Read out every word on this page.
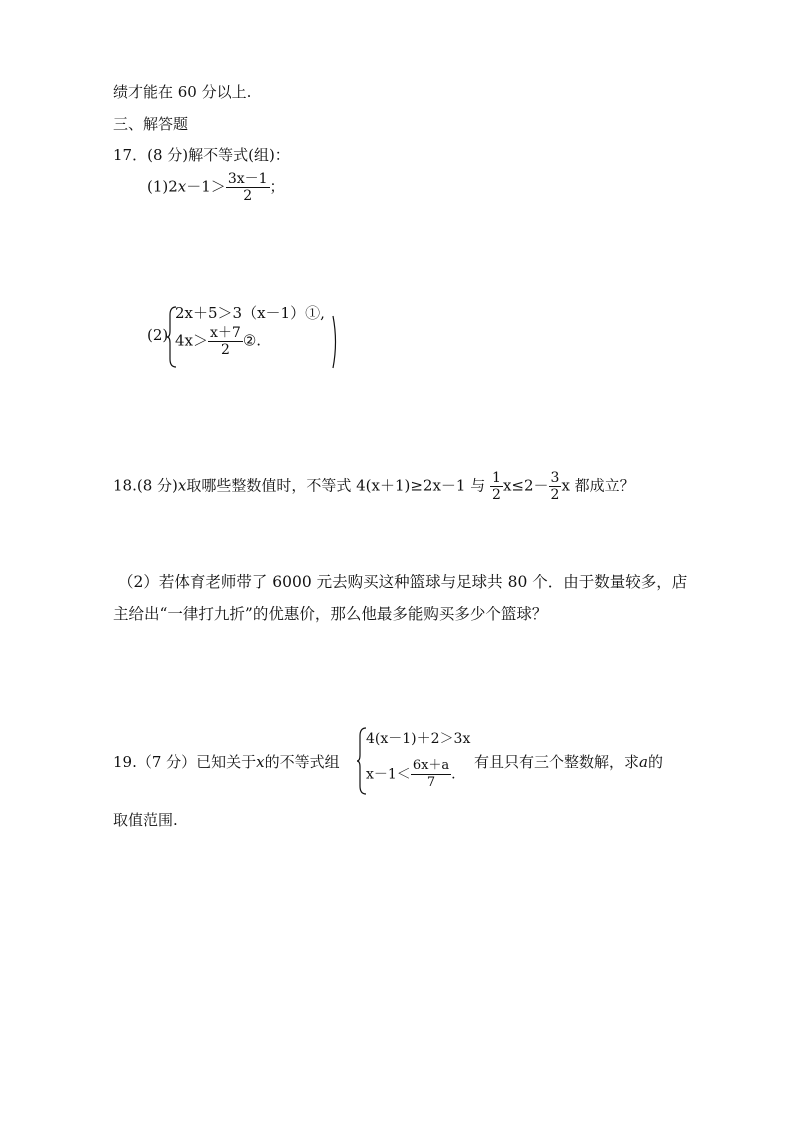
绩才能在 60 分以上.
三、解答题
17．(8 分)解不等式(组)：
$(1)2x-1> \frac{3x-1}{2}$ ；
(2)
2x＋5＞3（x－1）①,
$4x> \frac{x+7}{2}$ ②.
18.(8 分)x取哪些整数值时，不等式 4(x＋1)≥2x－1 与 $\frac{1}{2} x\le 2- \frac{3}{2}$ x 都成立？
（2）若体育老师带了 6000 元去购买这种篮球与足球共 80 个．由于数量较多，店
主给出“一律打九折”的优惠价，那么他最多能购买多少个篮球？
19.（7 分）已知关于x的不等式组
4(x－1)＋2＞3x
$x-1< \frac{6x+a}{7}$ .
有且只有三个整数解，求a的
取值范围.
